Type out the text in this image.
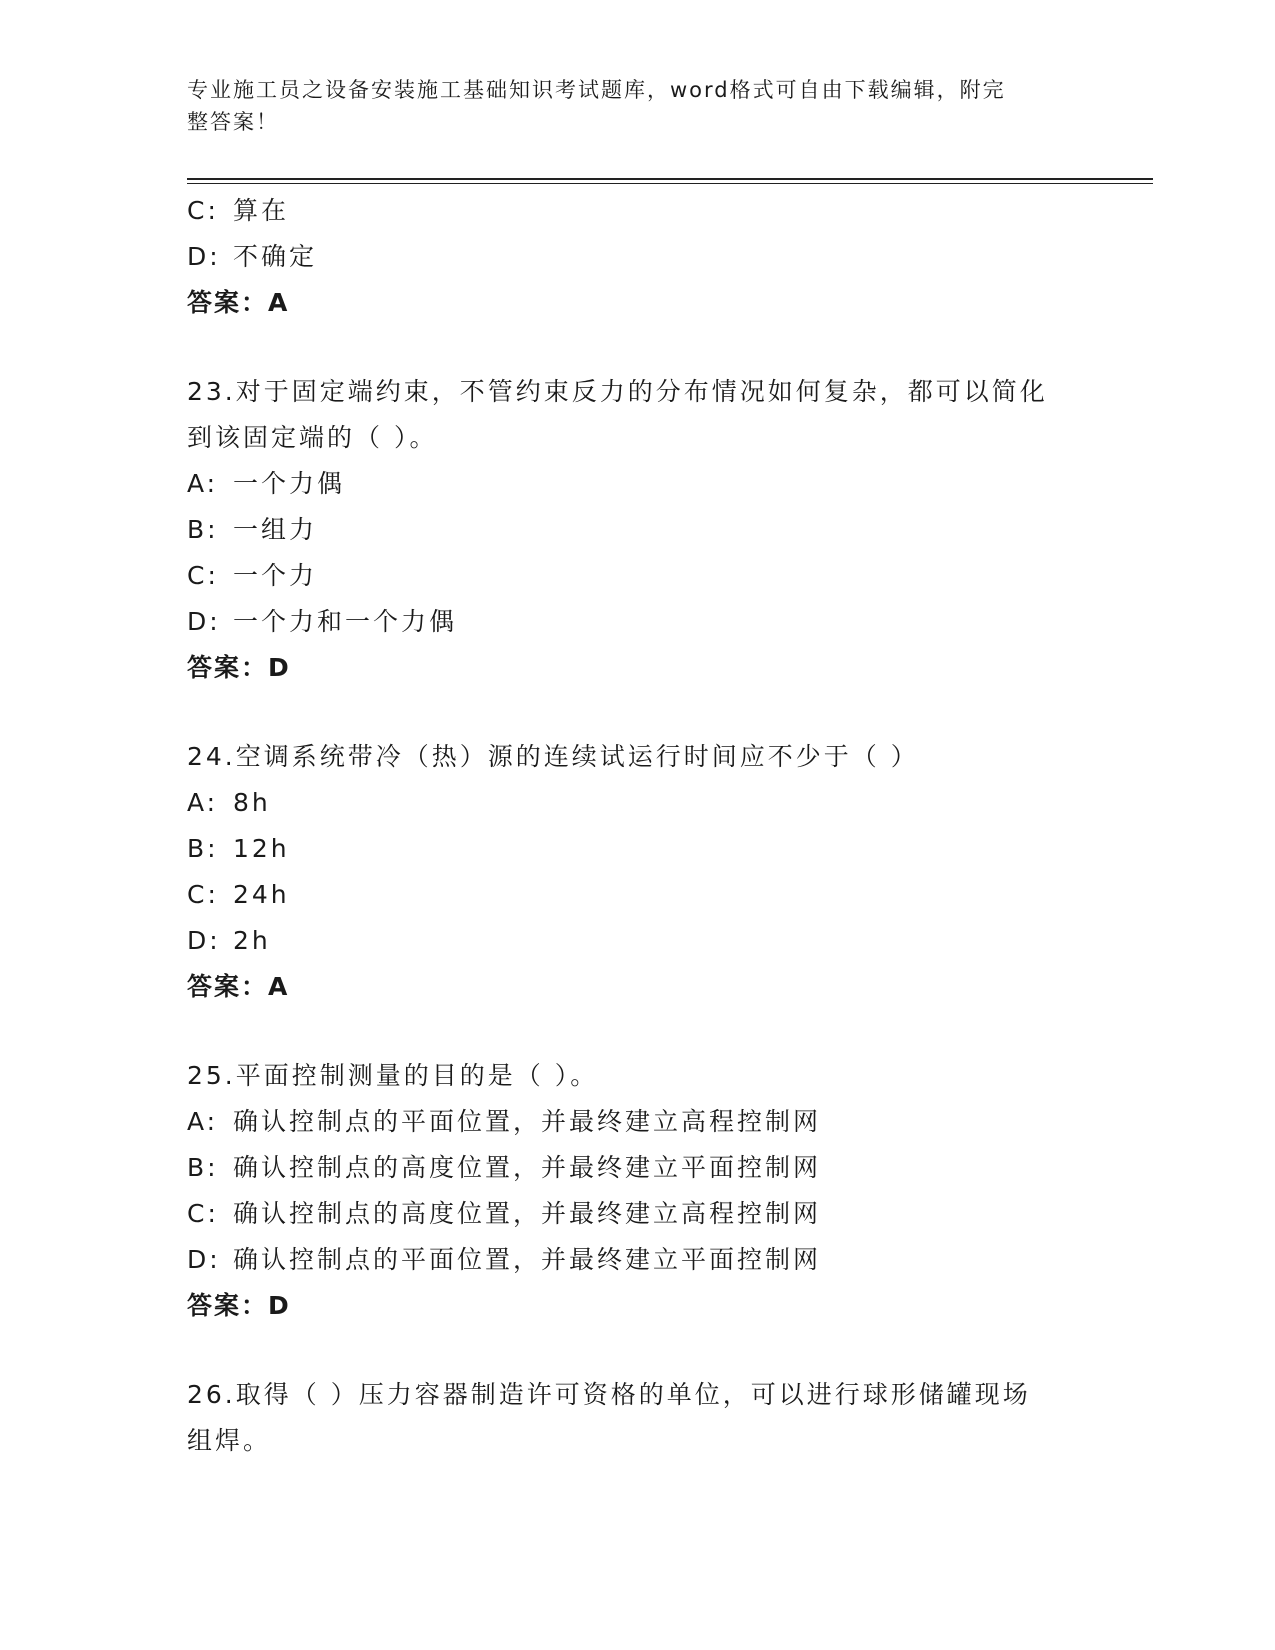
专业施工员之设备安装施工基础知识考试题库，word格式可自由下载编辑，附完
整答案！
C: 算在
D: 不确定
答案：A
23.对于固定端约束，不管约束反力的分布情况如何复杂，都可以简化
到该固定端的（ ）。
A: 一个力偶
B: 一组力
C: 一个力
D: 一个力和一个力偶
答案：D
24.空调系统带冷（热）源的连续试运行时间应不少于（ ）
A: 8h
B: 12h
C: 24h
D: 2h
答案：A
25.平面控制测量的目的是（ ）。
A: 确认控制点的平面位置，并最终建立高程控制网
B: 确认控制点的高度位置，并最终建立平面控制网
C: 确认控制点的高度位置，并最终建立高程控制网
D: 确认控制点的平面位置，并最终建立平面控制网
答案：D
26.取得（ ）压力容器制造许可资格的单位，可以进行球形储罐现场
组焊。
